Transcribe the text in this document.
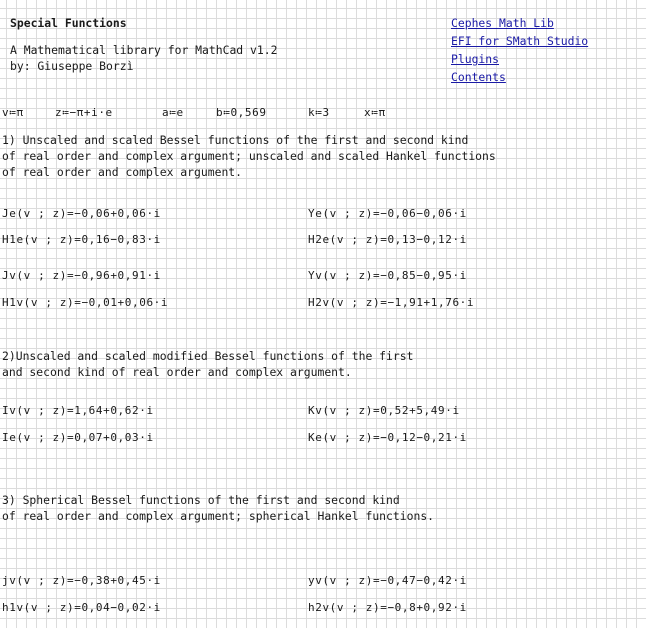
Special Functions
A Mathematical library for MathCad v1.2
by: Giuseppe Borzì
Cephes Math Lib
EFI for SMath Studio
Plugins
Contents
v≔π	z≔−π+i·e	a≔e	b≔0,569	k≔3	x≔π
1) Unscaled and scaled Bessel functions of the first and second kind
of real order and complex argument; unscaled and scaled Hankel functions
of real order and complex argument.
Je(v ; z)=−0,06+0,06·i	Ye(v ; z)=−0,06−0,06·i
H1e(v ; z)=0,16−0,83·i	H2e(v ; z)=0,13−0,12·i
Jv(v ; z)=−0,96+0,91·i	Yv(v ; z)=−0,85−0,95·i
H1v(v ; z)=−0,01+0,06·i	H2v(v ; z)=−1,91+1,76·i
2)Unscaled and scaled modified Bessel functions of the first
and second kind of real order and complex argument.
Iv(v ; z)=1,64+0,62·i	Kv(v ; z)=0,52+5,49·i
Ie(v ; z)=0,07+0,03·i	Ke(v ; z)=−0,12−0,21·i
3) Spherical Bessel functions of the first and second kind
of real order and complex argument; spherical Hankel functions.
jv(v ; z)=−0,38+0,45·i	yv(v ; z)=−0,47−0,42·i
h1v(v ; z)=0,04−0,02·i	h2v(v ; z)=−0,8+0,92·i
